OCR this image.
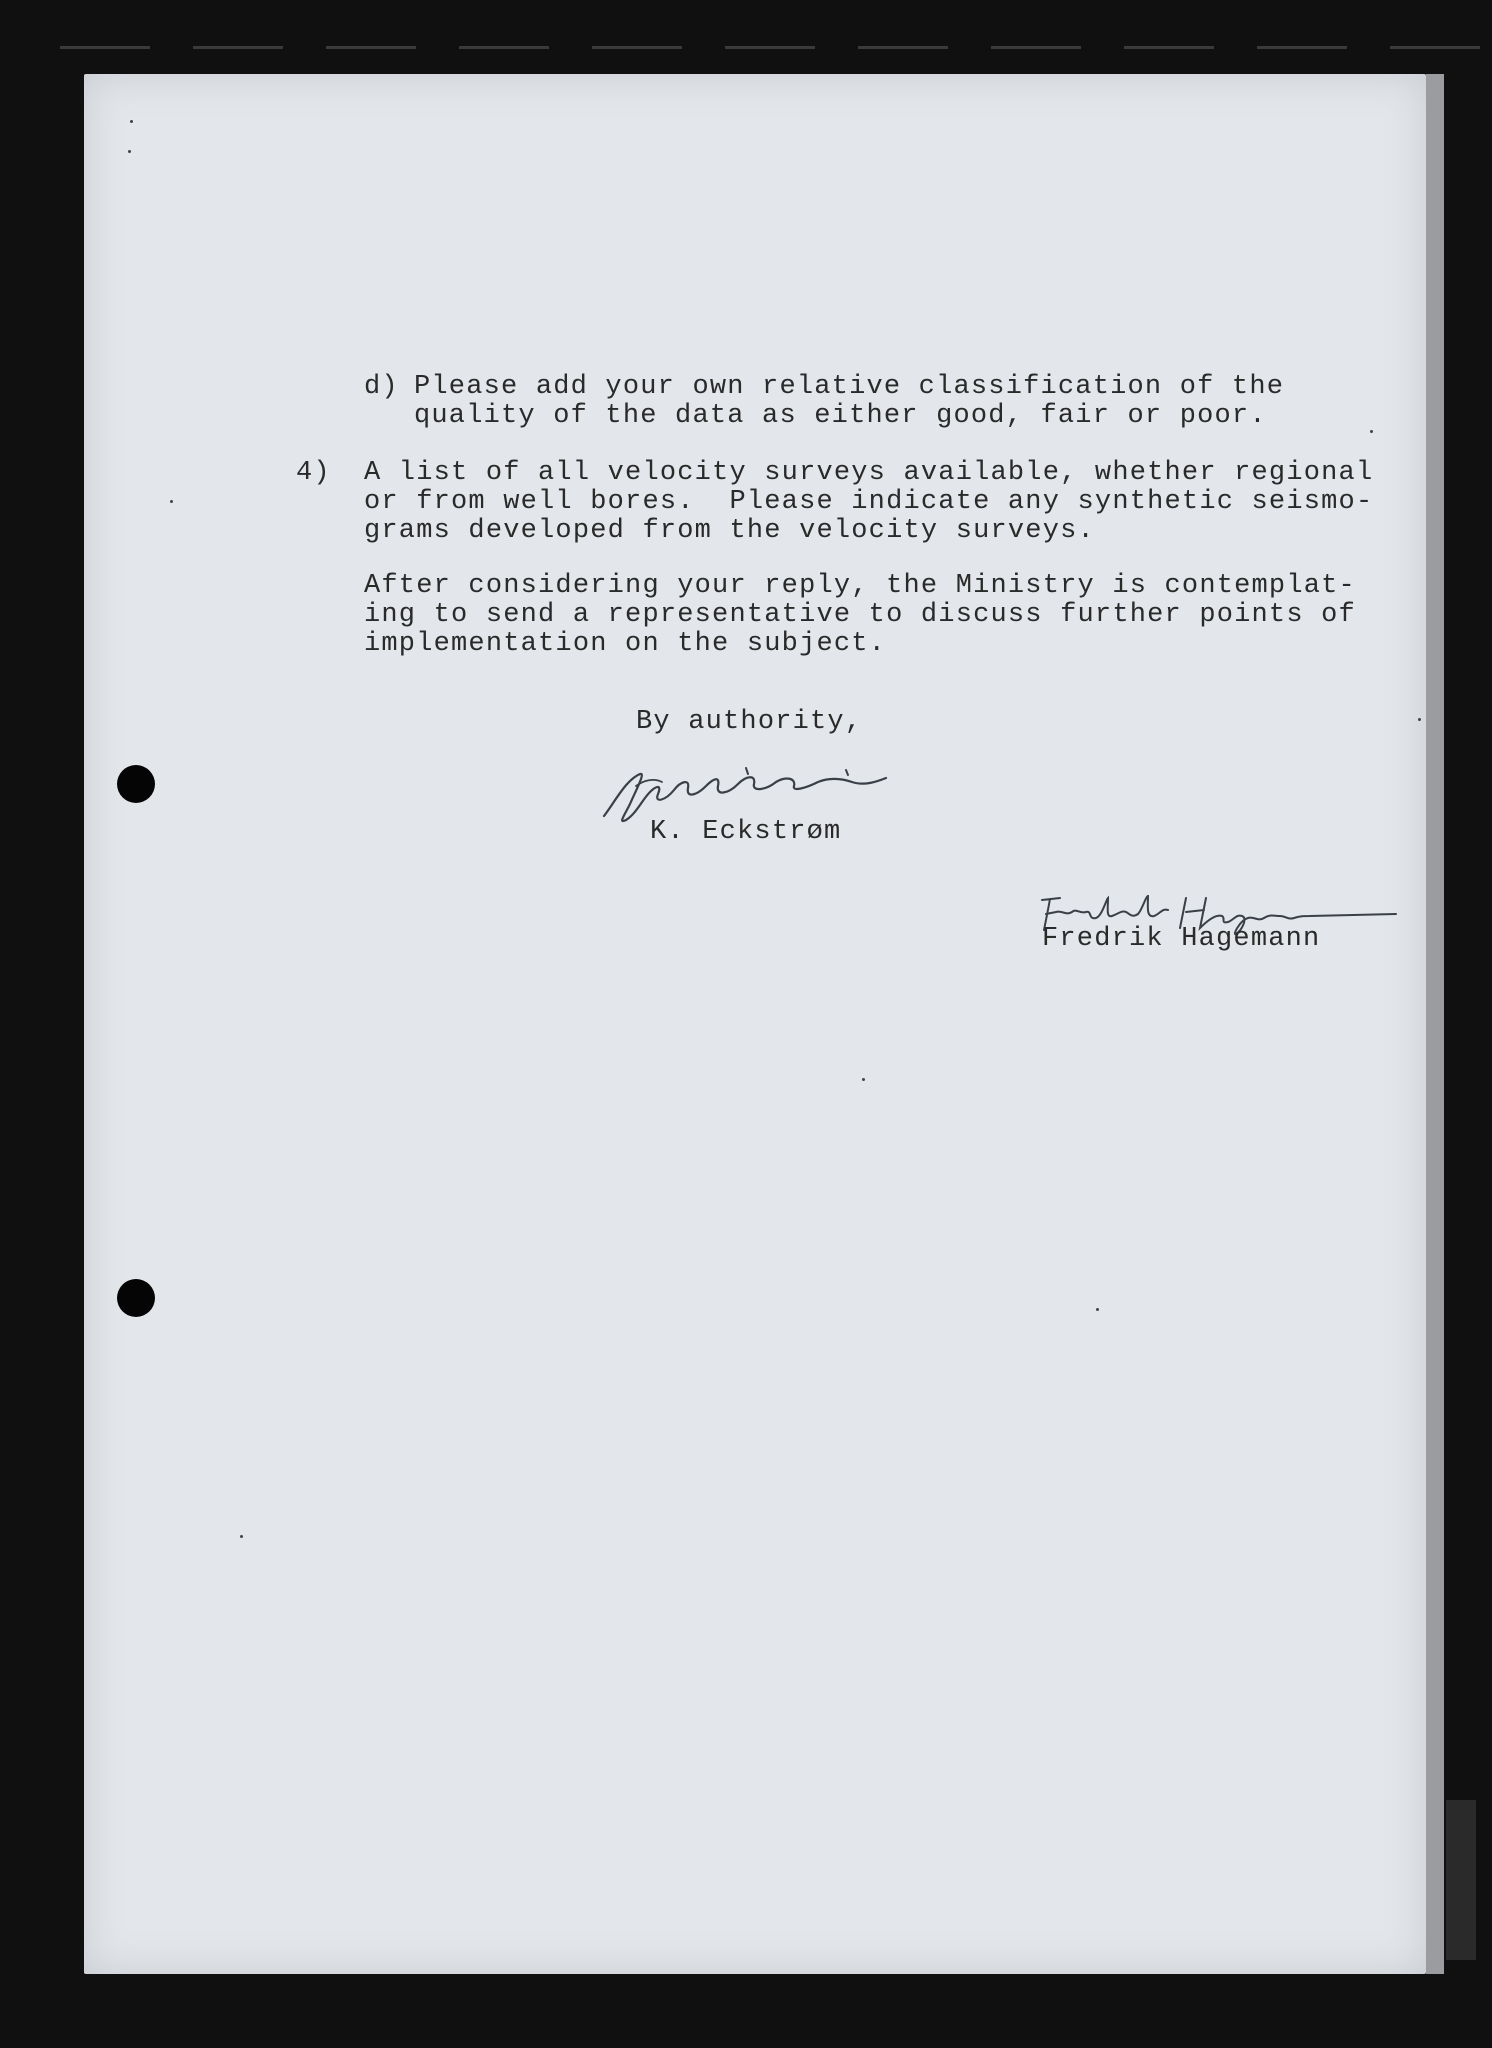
d) Please add your own relative classification of the
quality of the data as either good, fair or poor.
4) A list of all velocity surveys available, whether regional
or from well bores.  Please indicate any synthetic seismo-
grams developed from the velocity surveys.
After considering your reply, the Ministry is contemplat-
ing to send a representative to discuss further points of
implementation on the subject.
By authority,
K. Eckstrøm
Fredrik Hagemann
